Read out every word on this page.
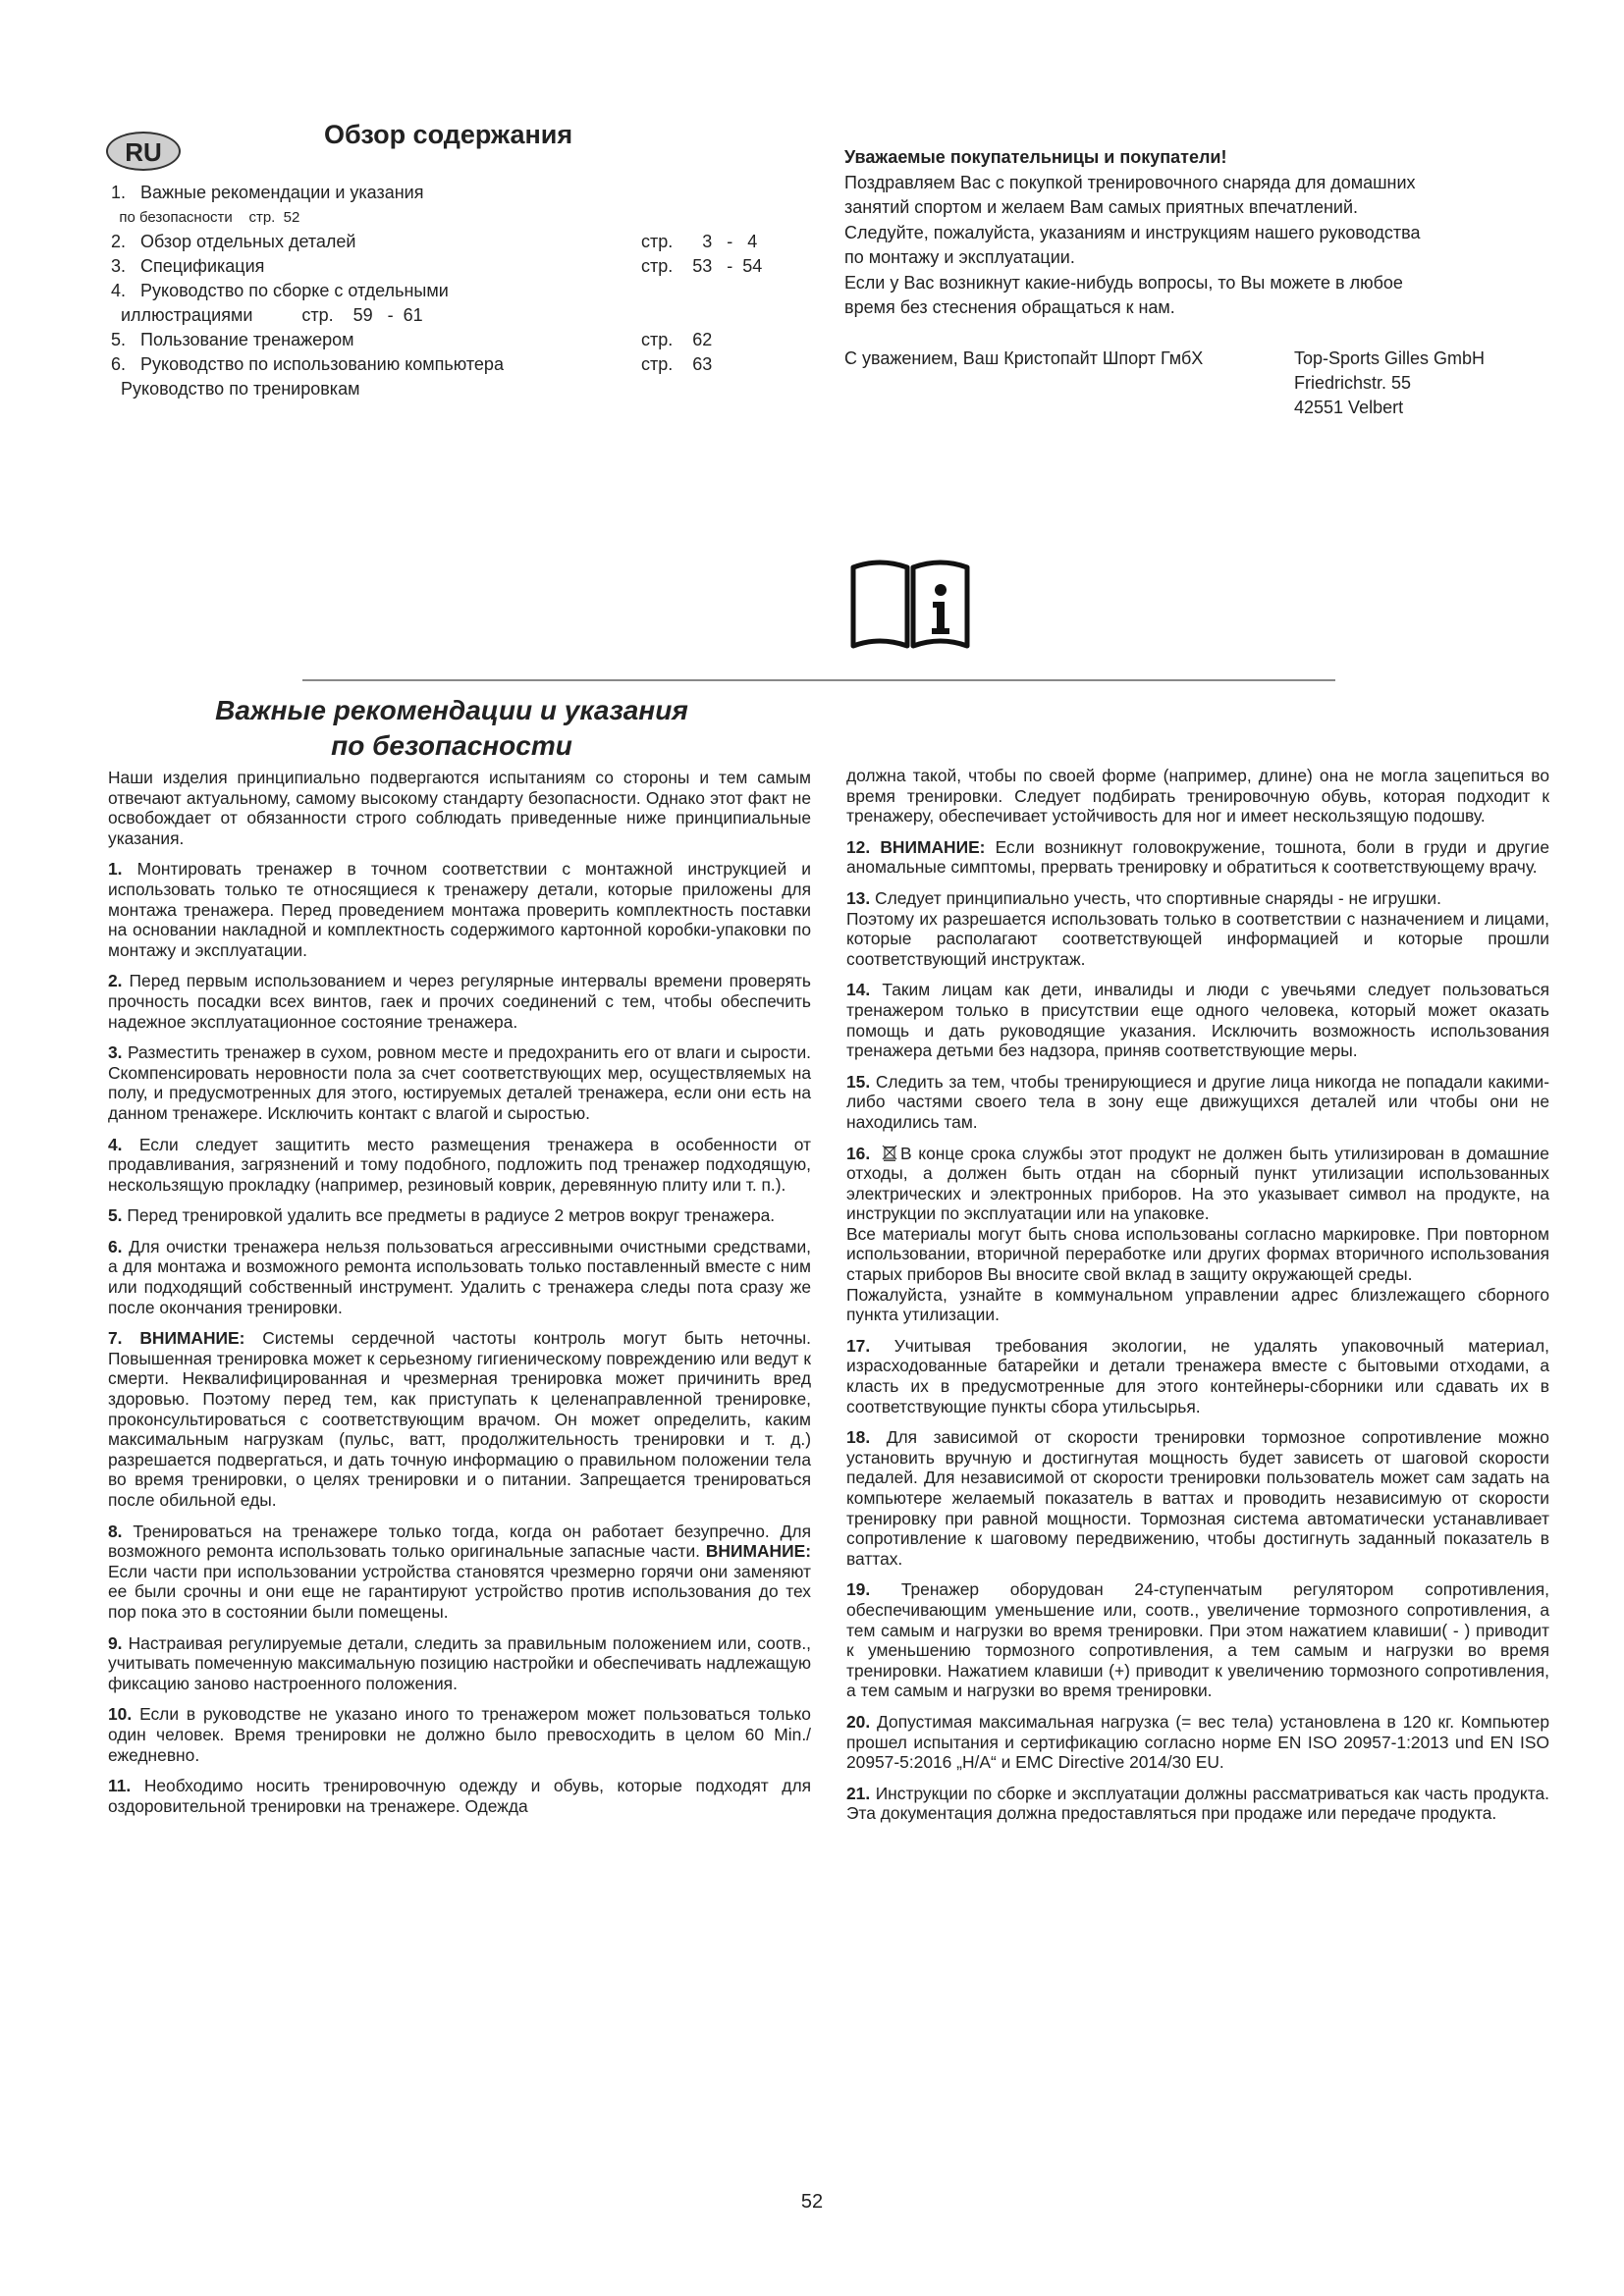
RU
Обзор содержания
1.   Важные рекомендации и указания
по безопасности    стр.  52
2.   Обзор отдельных деталей	стр.      3   -   4
3.   Спецификация	стр.    53   -  54
4.   Руководство по сборке с отдельными
иллюстрациями          стр.    59   -  61
5.   Пользование тренажером	стр.    62
6.   Руководство по использованию компьютера	стр.    63
Руководство по тренировкам

Уважаемые покупательницы и покупатели!

Поздравляем Вас с покупкой тренировочного снаряда для домашних

занятий спортом и желаем Вам самых приятных впечатлений.

Следуйте, пожалуйста, указаниям и инструкциям нашего руководства

по монтажу и эксплуатации.

Если у Вас возникнут какие-нибудь вопросы, то Вы можете в любое

время без стеснения обращаться к нам.

С уважением, Ваш Кристопайт Шпорт ГмбХ	Top-Sports Gilles GmbH
Friedrichstr. 55
42551 Velbert
Важные рекомендации и указания
по безопасности

Наши изделия принципиально подвергаются испытаниям со стороны и тем самым отвечают актуальному, самому высокому стандарту безопасности. Однако этот факт не освобождает от обязанности строго соблюдать приведенные ниже принципиальные указания.

1. Монтировать тренажер в точном соответствии с монтажной инструкцией и использовать только те относящиеся к тренажеру детали, которые приложены для монтажа тренажера. Перед проведением монтажа проверить комплектность поставки на основании накладной и комплектность содержимого картонной коробки-упаковки по монтажу и эксплуатации.

2. Перед первым использованием и через регулярные интервалы времени проверять прочность посадки всех винтов, гаек и прочих соединений с тем, чтобы обеспечить надежное эксплуатационное состояние тренажера.

3. Разместить тренажер в сухом, ровном месте и предохранить его от влаги и сырости. Скомпенсировать неровности пола за счет соответствующих мер, осуществляемых на полу, и предусмотренных для этого, юстируемых деталей тренажера, если они есть на данном тренажере. Исключить контакт с влагой и сыростью.

4. Если следует защитить место размещения тренажера в особенности от продавливания, загрязнений и тому подобного, подложить под тренажер подходящую, нескользящую прокладку (например, резиновый коврик, деревянную плиту или т. п.).

5. Перед тренировкой удалить все предметы в радиусе 2 метров вокруг тренажера.

6. Для очистки тренажера нельзя пользоваться агрессивными очистными средствами, а для монтажа и возможного ремонта использовать только поставленный вместе с ним или подходящий собственный инструмент. Удалить с тренажера следы пота сразу же после окончания тренировки.

7. ВНИМАНИЕ: Системы сердечной частоты контроль могут быть неточны. Повышенная тренировка может к серьезному гигиеническому повреждению или ведут к смерти. Неквалифицированная и чрезмерная тренировка может причинить вред здоровью. Поэтому перед тем, как приступать к целенаправленной тренировке, проконсультироваться с соответствующим врачом. Он может определить, каким максимальным нагрузкам (пульс, ватт, продолжительность тренировки и т. д.) разрешается подвергаться, и дать точную информацию о правильном положении тела во время тренировки, о целях тренировки и о питании. Запрещается тренироваться после обильной еды.

8. Тренироваться на тренажере только тогда, когда он работает безупречно. Для возможного ремонта использовать только оригинальные запасные части. ВНИМАНИЕ: Если части при использовании устройства становятся чрезмерно горячи они заменяют ее были срочны и они еще не гарантируют устройство против использования до тех пор пока это в состоянии были помещены.

9. Настраивая регулируемые детали, следить за правильным положением или, соотв., учитывать помеченную максимальную позицию настройки и обеспечивать надлежащую фиксацию заново настроенного положения.

10. Если в руководстве не указано иного то тренажером может пользоваться только один человек. Время тренировки не должно было превосходить в целом 60 Min./ежедневно.

11. Необходимо носить тренировочную одежду и обувь, которые подходят для оздоровительной тренировки на тренажере. Одежда

должна такой, чтобы по своей форме (например, длине) она не могла зацепиться во время тренировки. Следует подбирать тренировочную обувь, которая подходит к тренажеру, обеспечивает устойчивость для ног и имеет нескользящую подошву.

12. ВНИМАНИЕ: Если возникнут головокружение, тошнота, боли в груди и другие аномальные симптомы, прервать тренировку и обратиться к соответствующему врачу.

13. Следует принципиально учесть, что спортивные снаряды - не игрушки.

Поэтому их разрешается использовать только в соответствии с назначением и лицами, которые располагают соответствующей информацией и которые прошли соответствующий инструктаж.

14. Таким лицам как дети, инвалиды и люди с увечьями следует пользоваться тренажером только в присутствии еще одного человека, который может оказать помощь и дать руководящие указания. Исключить возможность использования тренажера детьми без надзора, приняв соответствующие меры.

15. Следить за тем, чтобы тренирующиеся и другие лица никогда не попадали какими-либо частями своего тела в зону еще движущихся деталей или чтобы они не находились там.

16. В конце срока службы этот продукт не должен быть утилизирован в домашние отходы, а должен быть отдан на сборный пункт утилизации использованных электрических и электронных приборов. На это указывает символ на продукте, на инструкции по эксплуатации или на упаковке.

Все материалы могут быть снова использованы согласно маркировке. При повторном использовании, вторичной переработке или других формах вторичного использования старых приборов Вы вносите свой вклад в защиту окружающей среды.

Пожалуйста, узнайте в коммунальном управлении адрес близлежащего сборного пункта утилизации.

17. Учитывая требования экологии, не удалять упаковочный материал, израсходованные батарейки и детали тренажера вместе с бытовыми отходами, а класть их в предусмотренные для этого контейнеры-сборники или сдавать их в соответствующие пункты сбора утильсырья.

18. Для зависимой от скорости тренировки тормозное сопротивление можно установить вручную и достигнутая мощность будет зависеть от шаговой скорости педалей. Для независимой от скорости тренировки пользователь может сам задать на компьютере желаемый показатель в ваттах и проводить независимую от скорости тренировку при равной мощности. Тормозная система автоматически устанавливает сопротивление к шаговому передвижению, чтобы достигнуть заданный показатель в ваттах.

19. Тренажер оборудован 24-ступенчатым регулятором сопротивления, обеспечивающим уменьшение или, соотв., увеличение тормозного сопротивления, а тем самым и нагрузки во время тренировки. При этом нажатием клавиши( - ) приводит к уменьшению тормозного сопротивления, а тем самым и нагрузки во время тренировки. Нажатием клавиши (+) приводит к увеличению тормозного сопротивления, а тем самым и нагрузки во время тренировки.

20. Допустимая максимальная нагрузка (= вес тела) установлена в 120 кг. Компьютер прошел испытания и сертификацию согласно норме EN ISO 20957-1:2013 und EN ISO 20957-5:2016 „H/A“ и EMC Directive 2014/30 EU.

21. Инструкции по сборке и эксплуатации должны рассматриваться как часть продукта. Эта документация должна предоставляться при продаже или передаче продукта.

52
